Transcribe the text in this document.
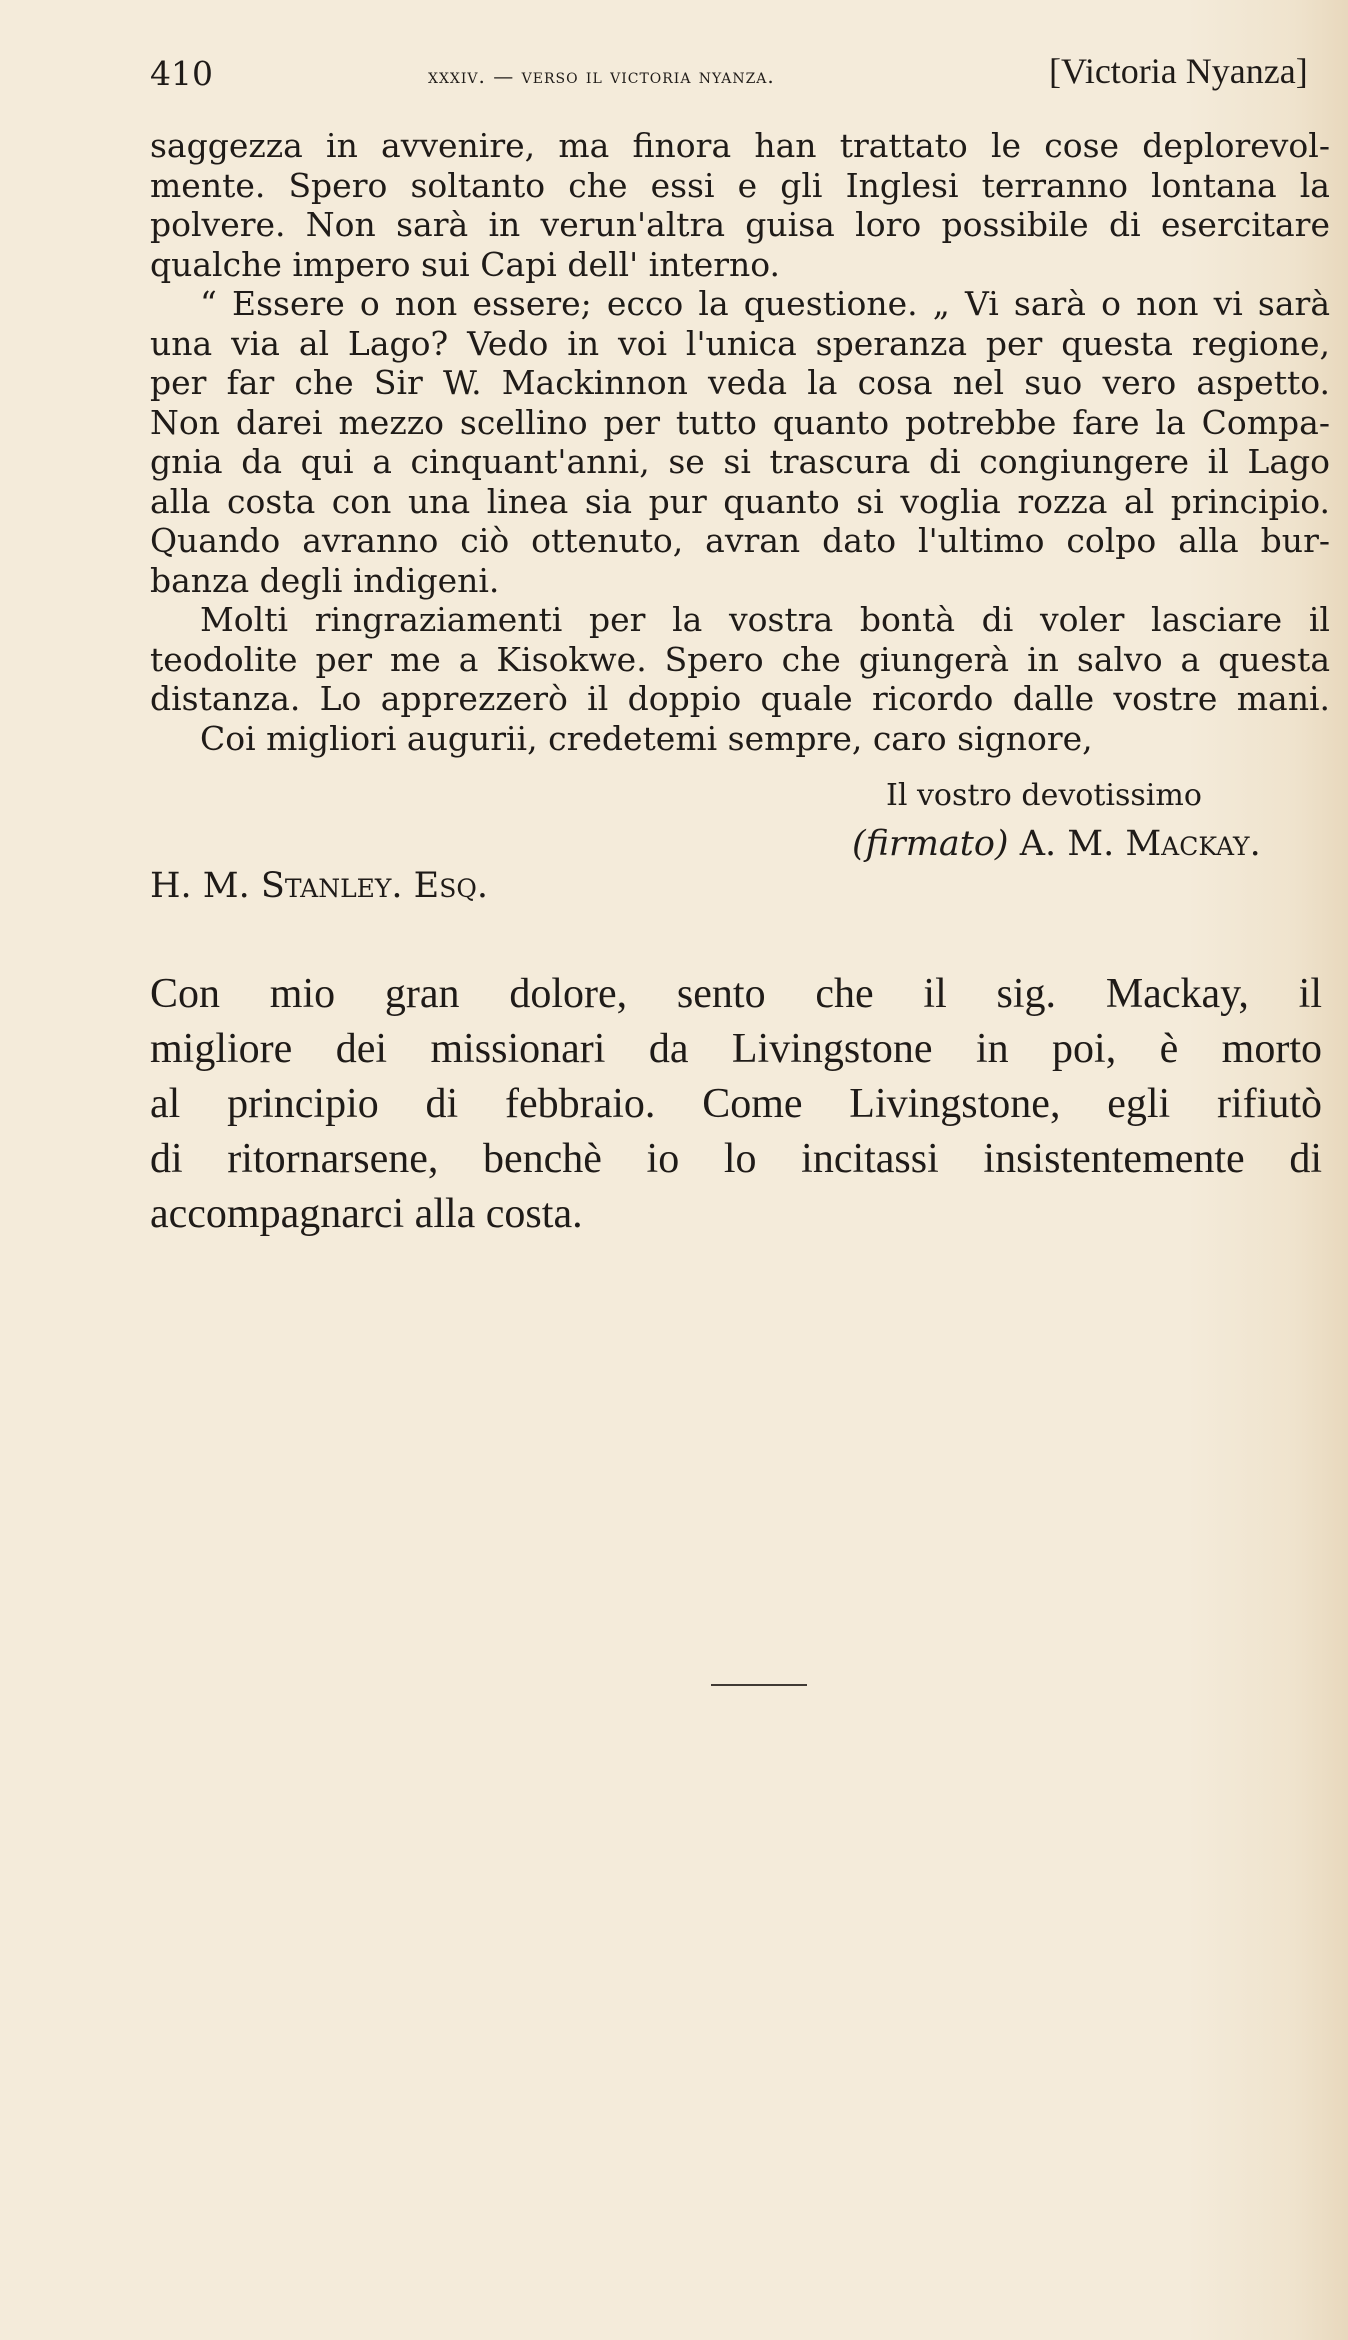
410	xxxiv. — verso il victoria nyanza.	[Victoria Nyanza]
saggezza in avvenire, ma finora han trattato le cose deplorevol-
mente. Spero soltanto che essi e gli Inglesi terranno lontana la
polvere. Non sarà in verun'altra guisa loro possibile di esercitare
qualche impero sui Capi dell' interno.
“ Essere o non essere; ecco la questione. „ Vi sarà o non vi sarà
una via al Lago? Vedo in voi l'unica speranza per questa regione,
per far che Sir W. Mackinnon veda la cosa nel suo vero aspetto.
Non darei mezzo scellino per tutto quanto potrebbe fare la Compa-
gnia da qui a cinquant'anni, se si trascura di congiungere il Lago
alla costa con una linea sia pur quanto si voglia rozza al principio.
Quando avranno ciò ottenuto, avran dato l'ultimo colpo alla bur-
banza degli indigeni.
Molti ringraziamenti per la vostra bontà di voler lasciare il
teodolite per me a Kisokwe. Spero che giungerà in salvo a questa
distanza. Lo apprezzerò il doppio quale ricordo dalle vostre mani.
Coi migliori augurii, credetemi sempre, caro signore,
Il vostro devotissimo
(firmato) A. M. Mackay.
H. M. Stanley. Esq.
Con mio gran dolore, sento che il sig. Mackay, il
migliore dei missionari da Livingstone in poi, è morto
al principio di febbraio. Come Livingstone, egli rifiutò
di ritornarsene, benchè io lo incitassi insistentemente di
accompagnarci alla costa.
